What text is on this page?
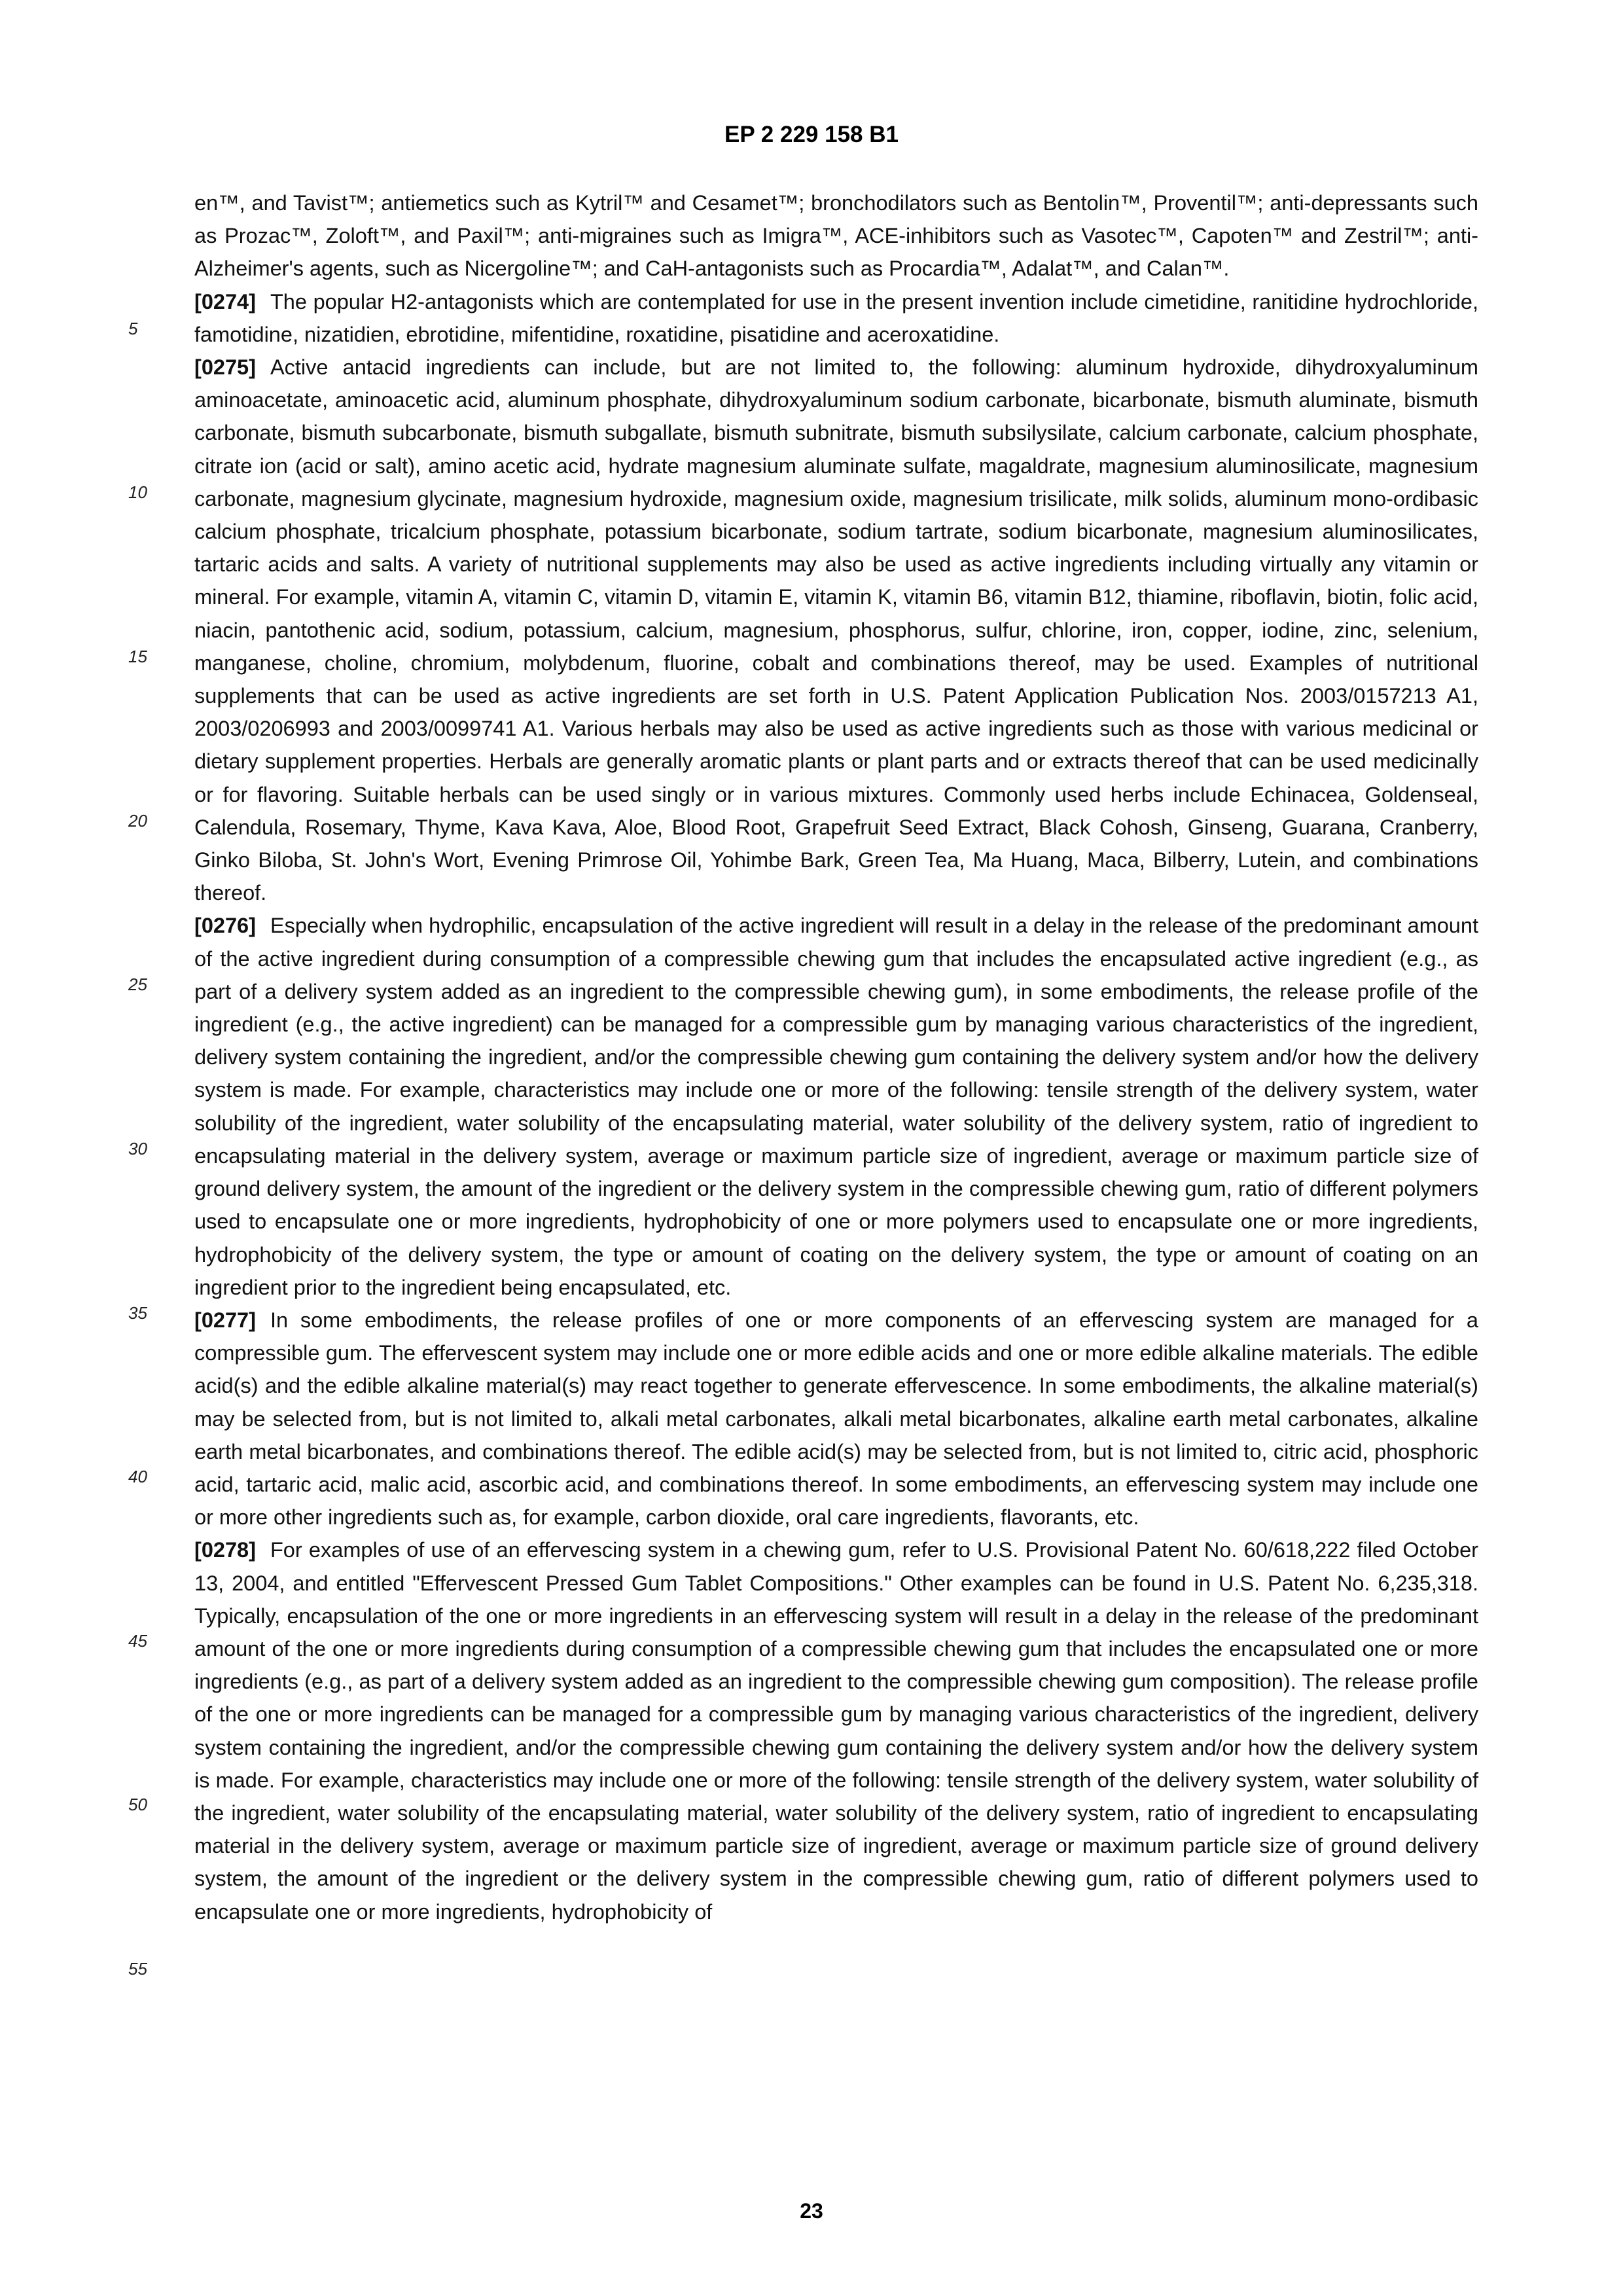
EP 2 229 158 B1
5
10
15
20
25
30
35
40
45
50
55

en™, and Tavist™; antiemetics such as Kytril™ and Cesamet™; bronchodilators such as Bentolin™, Proventil™; anti-depressants such as Prozac™, Zoloft™, and Paxil™; anti-migraines such as Imigra™, ACE-inhibitors such as Vasotec™, Capoten™ and Zestril™; anti-Alzheimer's agents, such as Nicergoline™; and CaH-antagonists such as Procardia™, Adalat™, and Calan™.

[0274] The popular H2-antagonists which are contemplated for use in the present invention include cimetidine, ranitidine hydrochloride, famotidine, nizatidien, ebrotidine, mifentidine, roxatidine, pisatidine and aceroxatidine.

[0275] Active antacid ingredients can include, but are not limited to, the following: aluminum hydroxide, dihydroxyaluminum aminoacetate, aminoacetic acid, aluminum phosphate, dihydroxyaluminum sodium carbonate, bicarbonate, bismuth aluminate, bismuth carbonate, bismuth subcarbonate, bismuth subgallate, bismuth subnitrate, bismuth subsilysilate, calcium carbonate, calcium phosphate, citrate ion (acid or salt), amino acetic acid, hydrate magnesium aluminate sulfate, magaldrate, magnesium aluminosilicate, magnesium carbonate, magnesium glycinate, magnesium hydroxide, magnesium oxide, magnesium trisilicate, milk solids, aluminum mono-ordibasic calcium phosphate, tricalcium phosphate, potassium bicarbonate, sodium tartrate, sodium bicarbonate, magnesium aluminosilicates, tartaric acids and salts. A variety of nutritional supplements may also be used as active ingredients including virtually any vitamin or mineral. For example, vitamin A, vitamin C, vitamin D, vitamin E, vitamin K, vitamin B6, vitamin B12, thiamine, riboflavin, biotin, folic acid, niacin, pantothenic acid, sodium, potassium, calcium, magnesium, phosphorus, sulfur, chlorine, iron, copper, iodine, zinc, selenium, manganese, choline, chromium, molybdenum, fluorine, cobalt and combinations thereof, may be used. Examples of nutritional supplements that can be used as active ingredients are set forth in U.S. Patent Application Publication Nos. 2003/0157213 A1, 2003/0206993 and 2003/0099741 A1. Various herbals may also be used as active ingredients such as those with various medicinal or dietary supplement properties. Herbals are generally aromatic plants or plant parts and or extracts thereof that can be used medicinally or for flavoring. Suitable herbals can be used singly or in various mixtures. Commonly used herbs include Echinacea, Goldenseal, Calendula, Rosemary, Thyme, Kava Kava, Aloe, Blood Root, Grapefruit Seed Extract, Black Cohosh, Ginseng, Guarana, Cranberry, Ginko Biloba, St. John's Wort, Evening Primrose Oil, Yohimbe Bark, Green Tea, Ma Huang, Maca, Bilberry, Lutein, and combinations thereof.

[0276] Especially when hydrophilic, encapsulation of the active ingredient will result in a delay in the release of the predominant amount of the active ingredient during consumption of a compressible chewing gum that includes the encapsulated active ingredient (e.g., as part of a delivery system added as an ingredient to the compressible chewing gum), in some embodiments, the release profile of the ingredient (e.g., the active ingredient) can be managed for a compressible gum by managing various characteristics of the ingredient, delivery system containing the ingredient, and/or the compressible chewing gum containing the delivery system and/or how the delivery system is made. For example, characteristics may include one or more of the following: tensile strength of the delivery system, water solubility of the ingredient, water solubility of the encapsulating material, water solubility of the delivery system, ratio of ingredient to encapsulating material in the delivery system, average or maximum particle size of ingredient, average or maximum particle size of ground delivery system, the amount of the ingredient or the delivery system in the compressible chewing gum, ratio of different polymers used to encapsulate one or more ingredients, hydrophobicity of one or more polymers used to encapsulate one or more ingredients, hydrophobicity of the delivery system, the type or amount of coating on the delivery system, the type or amount of coating on an ingredient prior to the ingredient being encapsulated, etc.

[0277] In some embodiments, the release profiles of one or more components of an effervescing system are managed for a compressible gum. The effervescent system may include one or more edible acids and one or more edible alkaline materials. The edible acid(s) and the edible alkaline material(s) may react together to generate effervescence. In some embodiments, the alkaline material(s) may be selected from, but is not limited to, alkali metal carbonates, alkali metal bicarbonates, alkaline earth metal carbonates, alkaline earth metal bicarbonates, and combinations thereof. The edible acid(s) may be selected from, but is not limited to, citric acid, phosphoric acid, tartaric acid, malic acid, ascorbic acid, and combinations thereof. In some embodiments, an effervescing system may include one or more other ingredients such as, for example, carbon dioxide, oral care ingredients, flavorants, etc.

[0278] For examples of use of an effervescing system in a chewing gum, refer to U.S. Provisional Patent No. 60/618,222 filed October 13, 2004, and entitled "Effervescent Pressed Gum Tablet Compositions." Other examples can be found in U.S. Patent No. 6,235,318. Typically, encapsulation of the one or more ingredients in an effervescing system will result in a delay in the release of the predominant amount of the one or more ingredients during consumption of a compressible chewing gum that includes the encapsulated one or more ingredients (e.g., as part of a delivery system added as an ingredient to the compressible chewing gum composition). The release profile of the one or more ingredients can be managed for a compressible gum by managing various characteristics of the ingredient, delivery system containing the ingredient, and/or the compressible chewing gum containing the delivery system and/or how the delivery system is made. For example, characteristics may include one or more of the following: tensile strength of the delivery system, water solubility of the ingredient, water solubility of the encapsulating material, water solubility of the delivery system, ratio of ingredient to encapsulating material in the delivery system, average or maximum particle size of ingredient, average or maximum particle size of ground delivery system, the amount of the ingredient or the delivery system in the compressible chewing gum, ratio of different polymers used to encapsulate one or more ingredients, hydrophobicity of

23
